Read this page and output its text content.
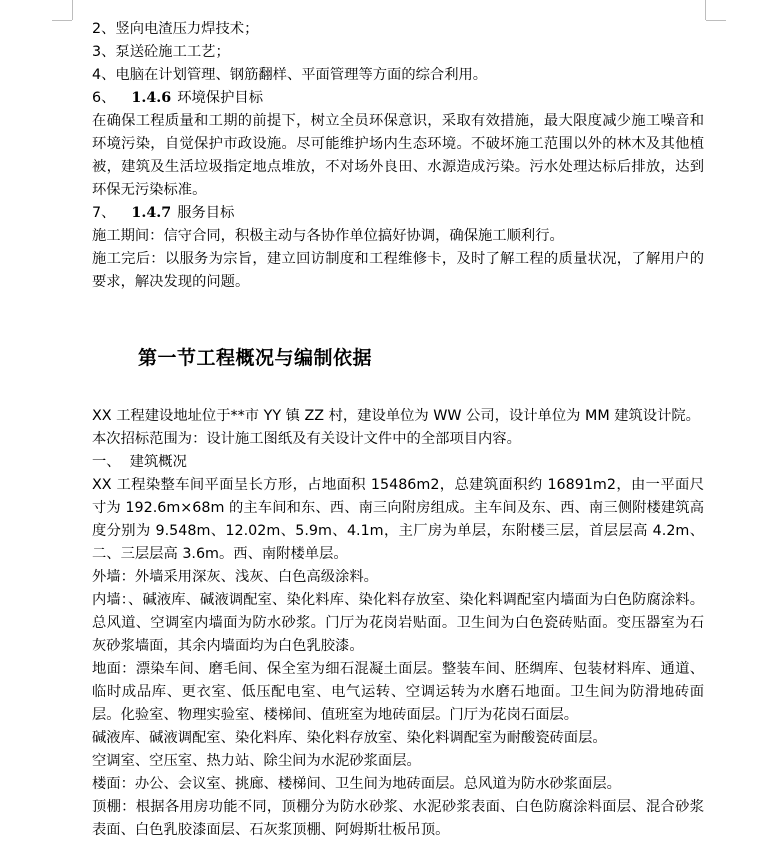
2、竖向电渣压力焊技术；

3、泵送砼施工工艺；

4、电脑在计划管理、钢筋翻样、平面管理等方面的综合利用。

6、 1.4.6 环境保护目标

在确保工程质量和工期的前提下，树立全员环保意识，采取有效措施，最大限度减少施工噪音和环境污染，自觉保护市政设施。尽可能维护场内生态环境。不破坏施工范围以外的林木及其他植被，建筑及生活垃圾指定地点堆放，不对场外良田、水源造成污染。污水处理达标后排放，达到环保无污染标准。

7、 1.4.7 服务目标

施工期间：信守合同，积极主动与各协作单位搞好协调，确保施工顺利行。

施工完后：以服务为宗旨，建立回访制度和工程维修卡，及时了解工程的质量状况，了解用户的要求，解决发现的问题。

第一节工程概况与编制依据

XX 工程建设地址位于**市 YY 镇 ZZ 村，建设单位为 WW 公司，设计单位为 MM 建筑设计院。

本次招标范围为：设计施工图纸及有关设计文件中的全部项目内容。

一、  建筑概况

XX 工程染整车间平面呈长方形，占地面积 15486m2，总建筑面积约 16891m2，由一平面尺寸为 192.6m×68m 的主车间和东、西、南三向附房组成。主车间及东、西、南三侧附楼建筑高度分别为 9.548m、12.02m、5.9m、4.1m，主厂房为单层，东附楼三层，首层层高 4.2m、二、三层层高 3.6m。西、南附楼单层。

外墙：外墙采用深灰、浅灰、白色高级涂料。

内墙：、碱液库、碱液调配室、染化料库、染化料存放室、染化料调配室内墙面为白色防腐涂料。总风道、空调室内墙面为防水砂浆。门厅为花岗岩贴面。卫生间为白色瓷砖贴面。变压器室为石灰砂浆墙面，其余内墙面均为白色乳胶漆。

地面：漂染车间、磨毛间、保全室为细石混凝土面层。整装车间、胚绸库、包装材料库、通道、临时成品库、更衣室、低压配电室、电气运转、空调运转为水磨石地面。卫生间为防滑地砖面层。化验室、物理实验室、楼梯间、值班室为地砖面层。门厅为花岗石面层。

碱液库、碱液调配室、染化料库、染化料存放室、染化料调配室为耐酸瓷砖面层。

空调室、空压室、热力站、除尘间为水泥砂浆面层。

楼面：办公、会议室、挑廊、楼梯间、卫生间为地砖面层。总风道为防水砂浆面层。

顶棚：根据各用房功能不同，顶棚分为防水砂浆、水泥砂浆表面、白色防腐涂料面层、混合砂浆表面、白色乳胶漆面层、石灰浆顶棚、阿姆斯壮板吊顶。
